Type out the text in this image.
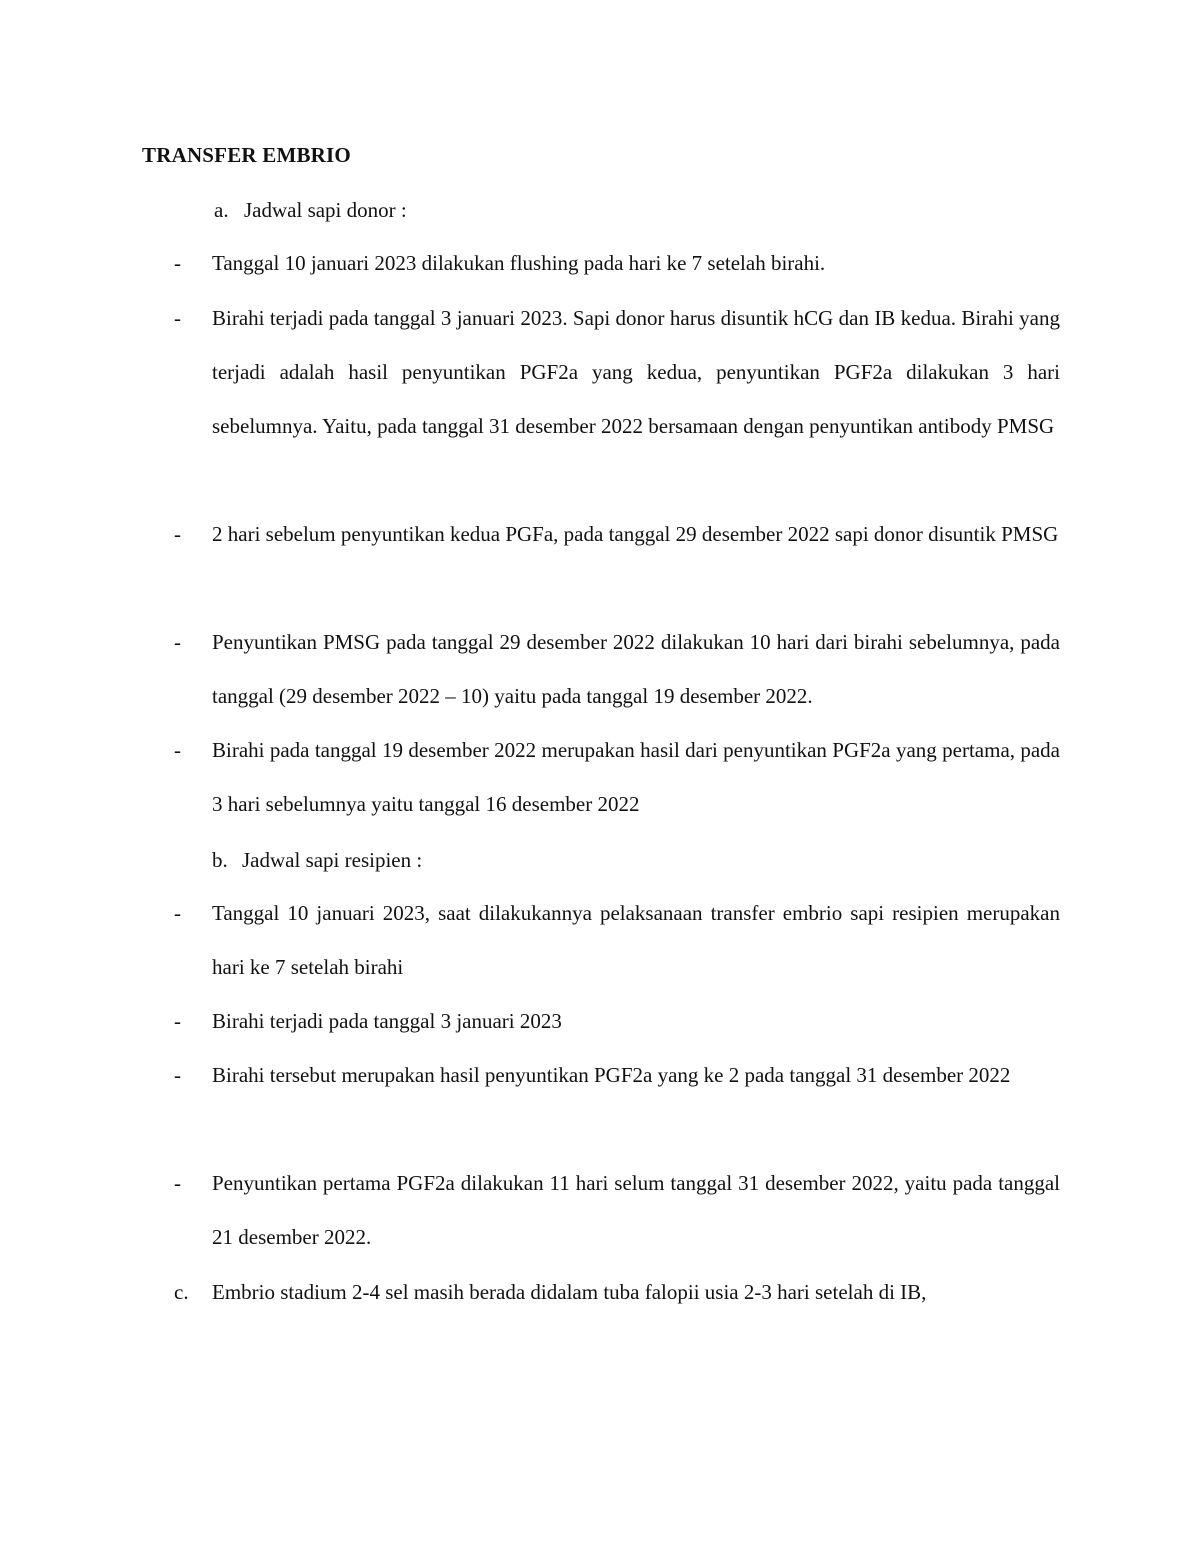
TRANSFER EMBRIO
a. Jadwal sapi donor :
- Tanggal 10 januari 2023 dilakukan flushing pada hari ke 7 setelah birahi.
- Birahi terjadi pada tanggal 3 januari 2023. Sapi donor harus disuntik hCG dan IB kedua. Birahi yang terjadi adalah hasil penyuntikan PGF2a yang kedua, penyuntikan PGF2a dilakukan 3 hari sebelumnya. Yaitu, pada tanggal 31 desember 2022 bersamaan dengan penyuntikan antibody PMSG
- 2 hari sebelum penyuntikan kedua PGFa, pada tanggal 29 desember 2022 sapi donor disuntik PMSG
- Penyuntikan PMSG pada tanggal 29 desember 2022 dilakukan 10 hari dari birahi sebelumnya, pada tanggal (29 desember 2022 – 10) yaitu pada tanggal 19 desember 2022.
- Birahi pada tanggal 19 desember 2022 merupakan hasil dari penyuntikan PGF2a yang pertama, pada 3 hari sebelumnya yaitu tanggal 16 desember 2022
b. Jadwal sapi resipien :
- Tanggal 10 januari 2023, saat dilakukannya pelaksanaan transfer embrio sapi resipien merupakan hari ke 7 setelah birahi
- Birahi terjadi pada tanggal 3 januari 2023
- Birahi tersebut merupakan hasil penyuntikan PGF2a yang ke 2 pada tanggal 31 desember 2022
- Penyuntikan pertama PGF2a dilakukan 11 hari selum tanggal 31 desember 2022, yaitu pada tanggal 21 desember 2022.
c. Embrio stadium 2-4 sel masih berada didalam tuba falopii usia 2-3 hari setelah di IB,
